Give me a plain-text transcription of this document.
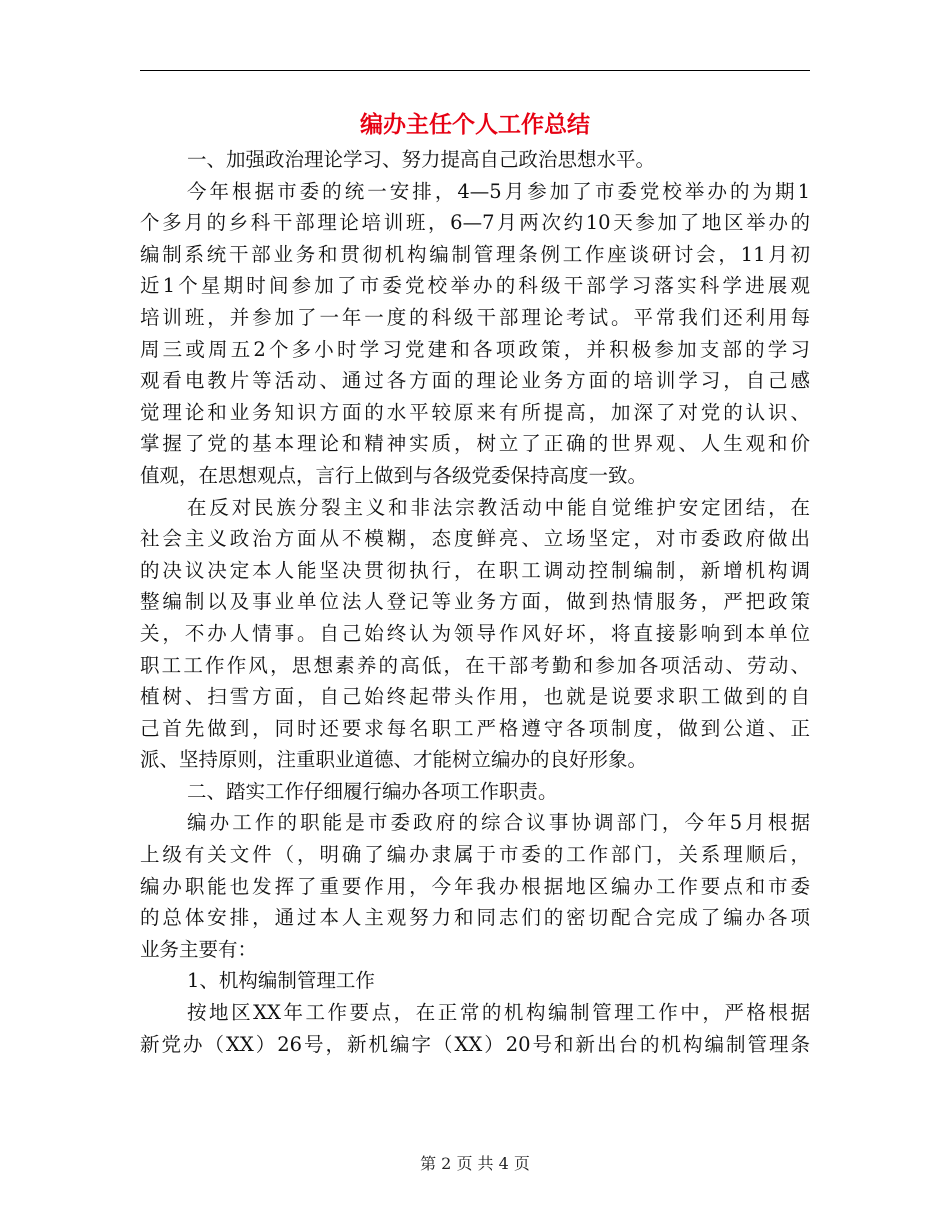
编办主任个人工作总结
一、加强政治理论学习、努力提高自己政治思想水平。
今年根据市委的统一安排，4—5月参加了市委党校举办的为期1
个多月的乡科干部理论培训班，6—7月两次约10天参加了地区举办的
编制系统干部业务和贯彻机构编制管理条例工作座谈研讨会，11月初
近1个星期时间参加了市委党校举办的科级干部学习落实科学进展观
培训班，并参加了一年一度的科级干部理论考试。平常我们还利用每
周三或周五2个多小时学习党建和各项政策，并积极参加支部的学习
观看电教片等活动、通过各方面的理论业务方面的培训学习，自己感
觉理论和业务知识方面的水平较原来有所提高，加深了对党的认识、
掌握了党的基本理论和精神实质，树立了正确的世界观、人生观和价
值观，在思想观点，言行上做到与各级党委保持高度一致。
在反对民族分裂主义和非法宗教活动中能自觉维护安定团结，在
社会主义政治方面从不模糊，态度鲜亮、立场坚定，对市委政府做出
的决议决定本人能坚决贯彻执行，在职工调动控制编制，新增机构调
整编制以及事业单位法人登记等业务方面，做到热情服务，严把政策
关，不办人情事。自己始终认为领导作风好坏，将直接影响到本单位
职工工作作风，思想素养的高低，在干部考勤和参加各项活动、劳动、
植树、扫雪方面，自己始终起带头作用，也就是说要求职工做到的自
己首先做到，同时还要求每名职工严格遵守各项制度，做到公道、正
派、坚持原则，注重职业道德、才能树立编办的良好形象。
二、踏实工作仔细履行编办各项工作职责。
编办工作的职能是市委政府的综合议事协调部门，今年5月根据
上级有关文件（，明确了编办隶属于市委的工作部门，关系理顺后，
编办职能也发挥了重要作用，今年我办根据地区编办工作要点和市委
的总体安排，通过本人主观努力和同志们的密切配合完成了编办各项
业务主要有：
1、机构编制管理工作
按地区XX年工作要点，在正常的机构编制管理工作中，严格根据
新党办（XX）26号，新机编字（XX）20号和新出台的机构编制管理条
第 2 页 共 4 页
